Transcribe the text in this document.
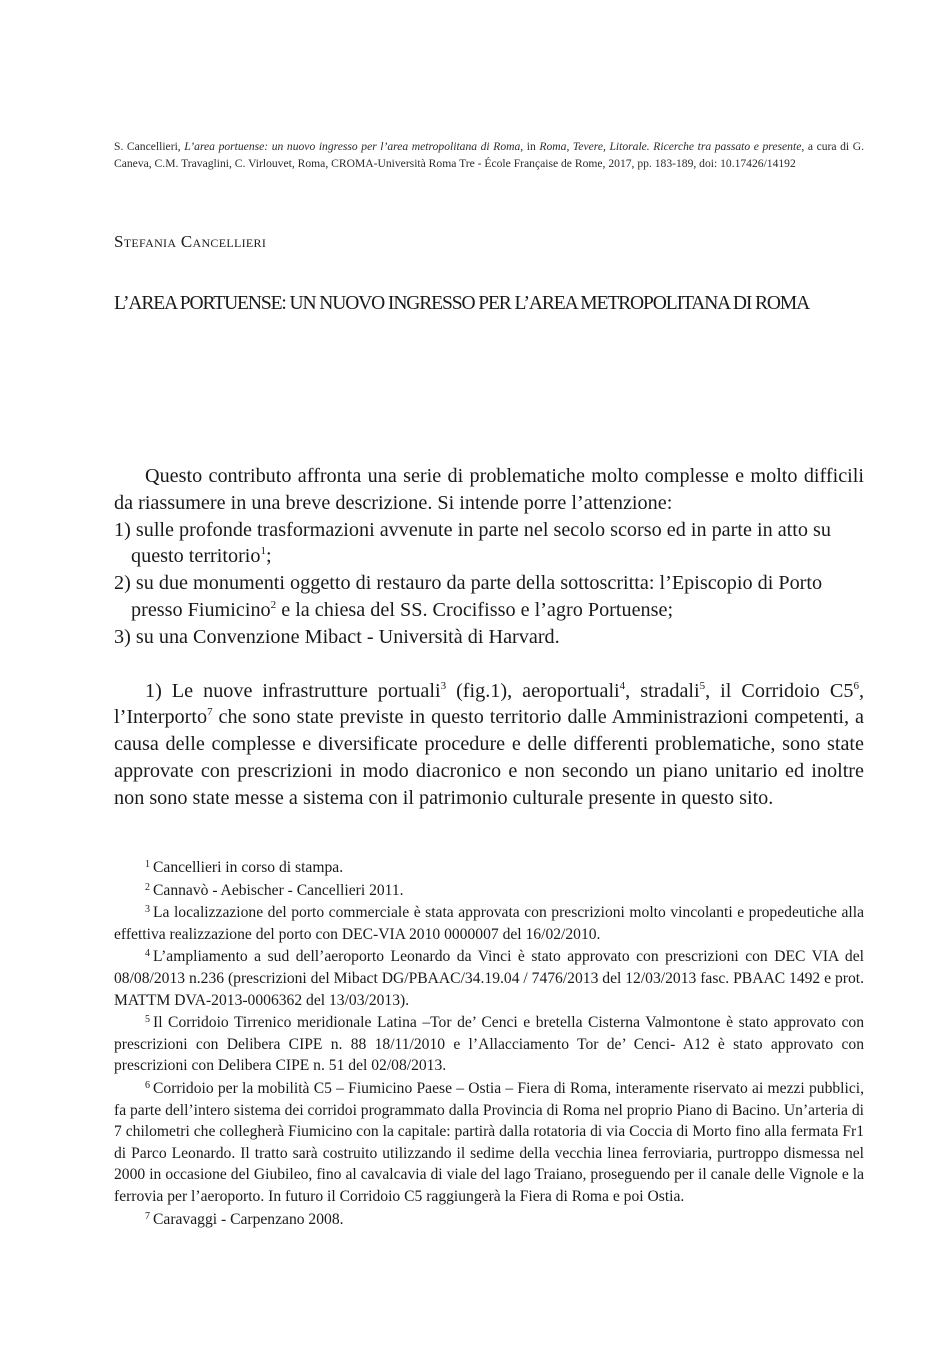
S. Cancellieri, L’area portuense: un nuovo ingresso per l’area metropolitana di Roma, in Roma, Tevere, Litorale. Ricerche tra passato e presente, a cura di G. Caneva, C.M. Travaglini, C. Virlouvet, Roma, CROMA-Università Roma Tre - École Française de Rome, 2017, pp. 183-189, doi: 10.17426/14192
Stefania Cancellieri
L’AREA PORTUENSE: UN NUOVO INGRESSO PER L’AREA METROPOLITANA DI ROMA

Questo contributo affronta una serie di problematiche molto complesse e molto difficili da riassumere in una breve descrizione. Si intende porre l’attenzione:

1) sulle profonde trasformazioni avvenute in parte nel secolo scorso ed in parte in atto su questo territorio$^1$;

2) su due monumenti oggetto di restauro da parte della sottoscritta: l’Episcopio di Porto presso Fiumicino$^2$ e la chiesa del SS. Crocifisso e l’agro Portuense;

3) su una Convenzione Mibact - Università di Harvard.

1) Le nuove infrastrutture portuali$^3$ (fig.1), aeroportuali$^4$, stradali$^5$, il Corridoio $C5^6$, l’Interporto$^7$ che sono state previste in questo territorio dalle Amministrazioni competenti, a causa delle complesse e diversificate procedure e delle differenti problematiche, sono state approvate con prescrizioni in modo diacronico e non secondo un piano unitario ed inoltre non sono state messe a sistema con il patrimonio culturale presente in questo sito.

$^1$ Cancellieri in corso di stampa.

$^2$ Cannavò - Aebischer - Cancellieri 2011.

$^3$ La localizzazione del porto commerciale è stata approvata con prescrizioni molto vincolanti e propedeutiche alla effettiva realizzazione del porto con DEC-VIA 2010 0000007 del 16/02/2010.

$^4$ L’ampliamento a sud dell’aeroporto Leonardo da Vinci è stato approvato con prescrizioni con DEC VIA del 08/08/2013 n.236 (prescrizioni del Mibact DG/PBAAC/34.19.04 / 7476/2013 del 12/03/2013 fasc. PBAAC 1492 e prot. MATTM DVA-2013-0006362 del 13/03/2013).

$^5$ Il Corridoio Tirrenico meridionale Latina –Tor de’ Cenci e bretella Cisterna Valmontone è stato approvato con prescrizioni con Delibera CIPE n. 88 18/11/2010 e l’Allacciamento Tor de’ Cenci- A12 è stato approvato con prescrizioni con Delibera CIPE n. 51 del 02/08/2013.

$^6$ Corridoio per la mobilità C5 – Fiumicino Paese – Ostia – Fiera di Roma, interamente riservato ai mezzi pubblici, fa parte dell’intero sistema dei corridoi programmato dalla Provincia di Roma nel proprio Piano di Bacino. Un’arteria di 7 chilometri che collegherà Fiumicino con la capitale: partirà dalla rotatoria di via Coccia di Morto fino alla fermata Fr1 di Parco Leonardo. Il tratto sarà costruito utilizzando il sedime della vecchia linea ferroviaria, purtroppo dismessa nel 2000 in occasione del Giubileo, fino al cavalcavia di viale del lago Traiano, proseguendo per il canale delle Vignole e la ferrovia per l’aeroporto. In futuro il Corridoio C5 raggiungerà la Fiera di Roma e poi Ostia.

$^7$ Caravaggi - Carpenzano 2008.
